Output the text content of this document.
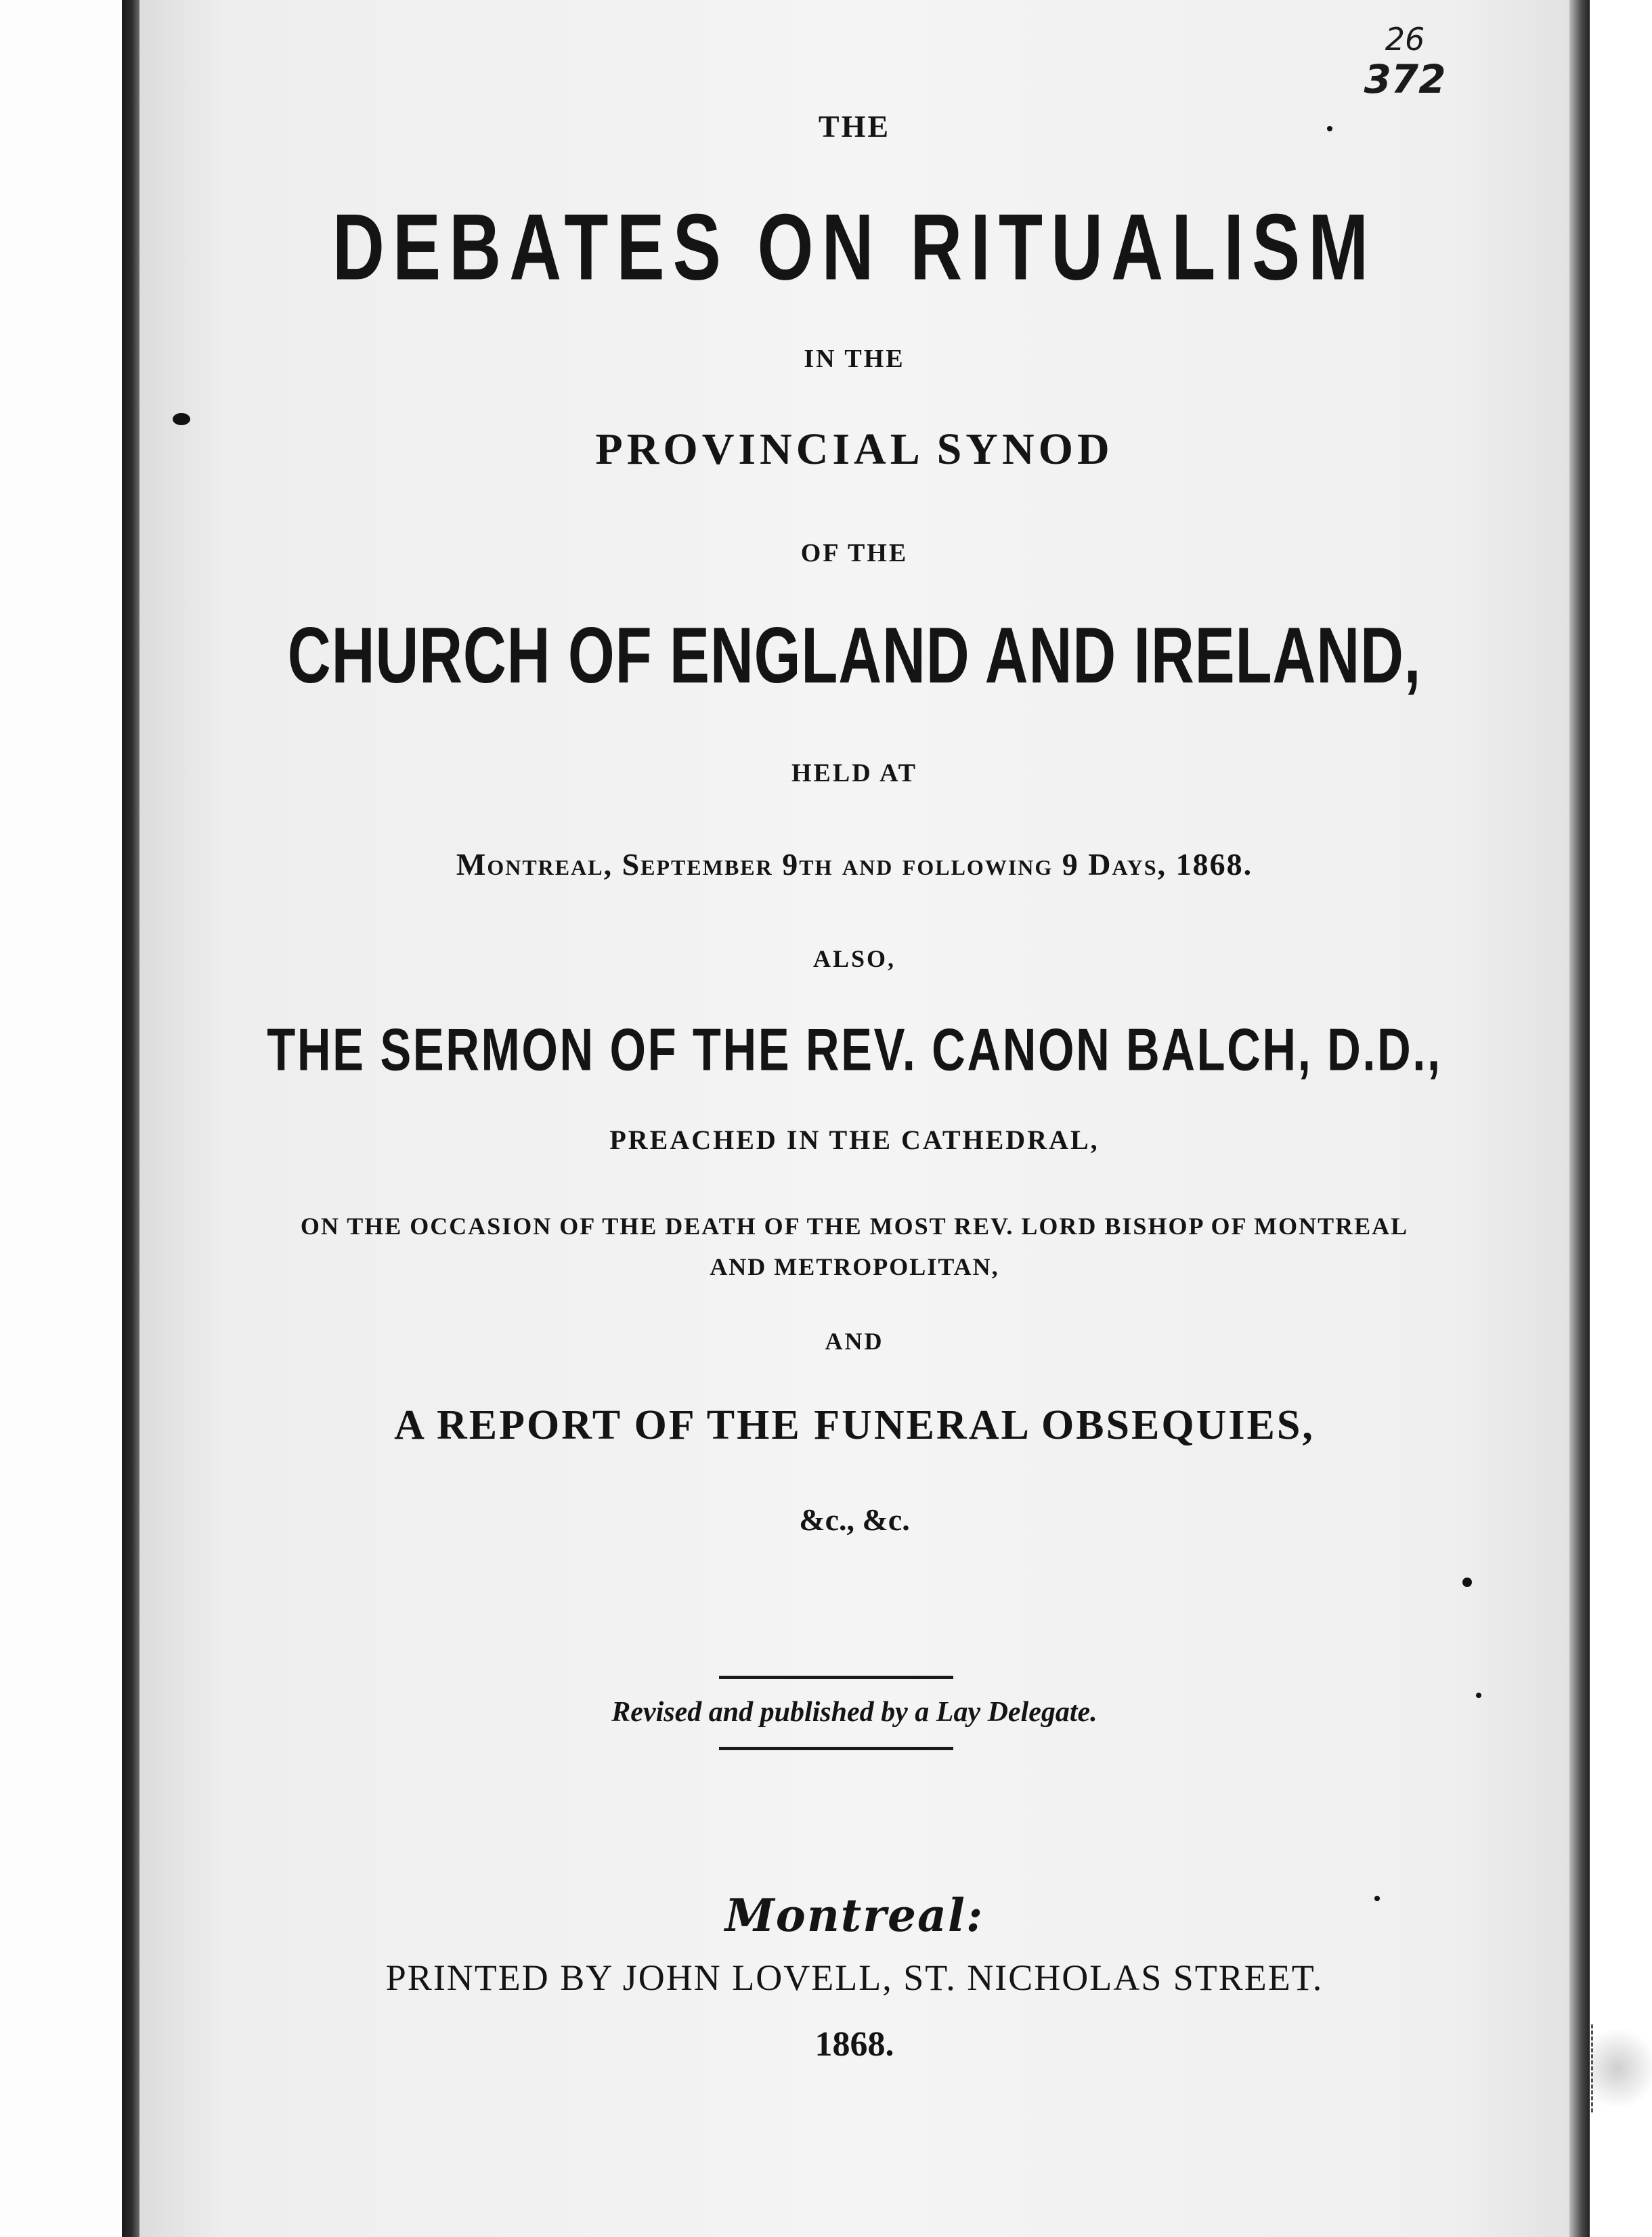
26
372
THE
DEBATES ON RITUALISM
IN THE
PROVINCIAL SYNOD
OF THE
CHURCH OF ENGLAND AND IRELAND,
HELD AT
Montreal, September 9th and following 9 Days, 1868.
ALSO,
THE SERMON OF THE REV. CANON BALCH, D.D.,
PREACHED IN THE CATHEDRAL,
ON THE OCCASION OF THE DEATH OF THE MOST REV. LORD BISHOP OF MONTREAL
AND METROPOLITAN,
AND
A REPORT OF THE FUNERAL OBSEQUIES,
&c., &c.
Revised and published by a Lay Delegate.
Montreal:
PRINTED BY JOHN LOVELL, ST. NICHOLAS STREET.
1868.
